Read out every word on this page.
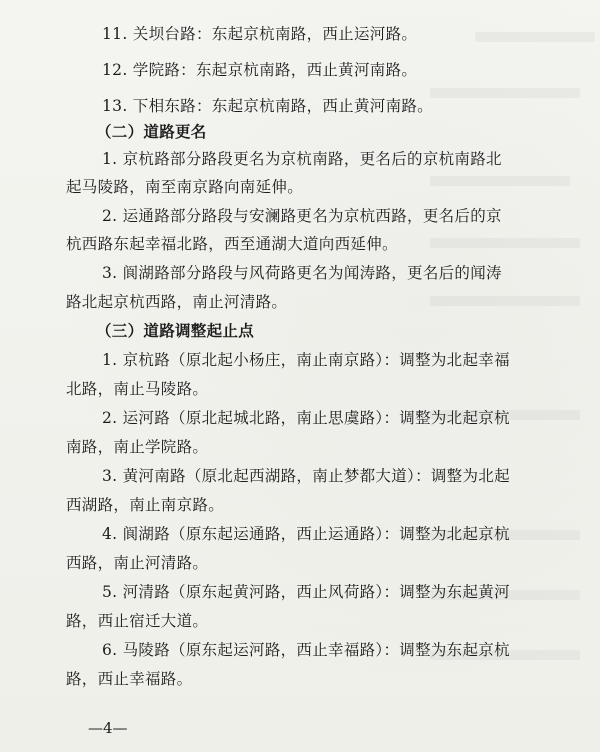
11. 关坝台路：东起京杭南路，西止运河路。
12. 学院路：东起京杭南路，西止黄河南路。
13. 下相东路：东起京杭南路，西止黄河南路。
（二）道路更名
1. 京杭路部分路段更名为京杭南路，更名后的京杭南路北
起马陵路，南至南京路向南延伸。
2. 运通路部分路段与安澜路更名为京杭西路，更名后的京
杭西路东起幸福北路，西至通湖大道向西延伸。
3. 阆湖路部分路段与风荷路更名为闻涛路，更名后的闻涛
路北起京杭西路，南止河清路。
（三）道路调整起止点
1. 京杭路（原北起小杨庄，南止南京路）：调整为北起幸福
北路，南止马陵路。
2. 运河路（原北起城北路，南止思虞路）：调整为北起京杭
南路，南止学院路。
3. 黄河南路（原北起西湖路，南止梦都大道）：调整为北起
西湖路，南止南京路。
4. 阆湖路（原东起运通路，西止运通路）：调整为北起京杭
西路，南止河清路。
5. 河清路（原东起黄河路，西止风荷路）：调整为东起黄河
路，西止宿迁大道。
6. 马陵路（原东起运河路，西止幸福路）：调整为东起京杭
路，西止幸福路。
—4—
